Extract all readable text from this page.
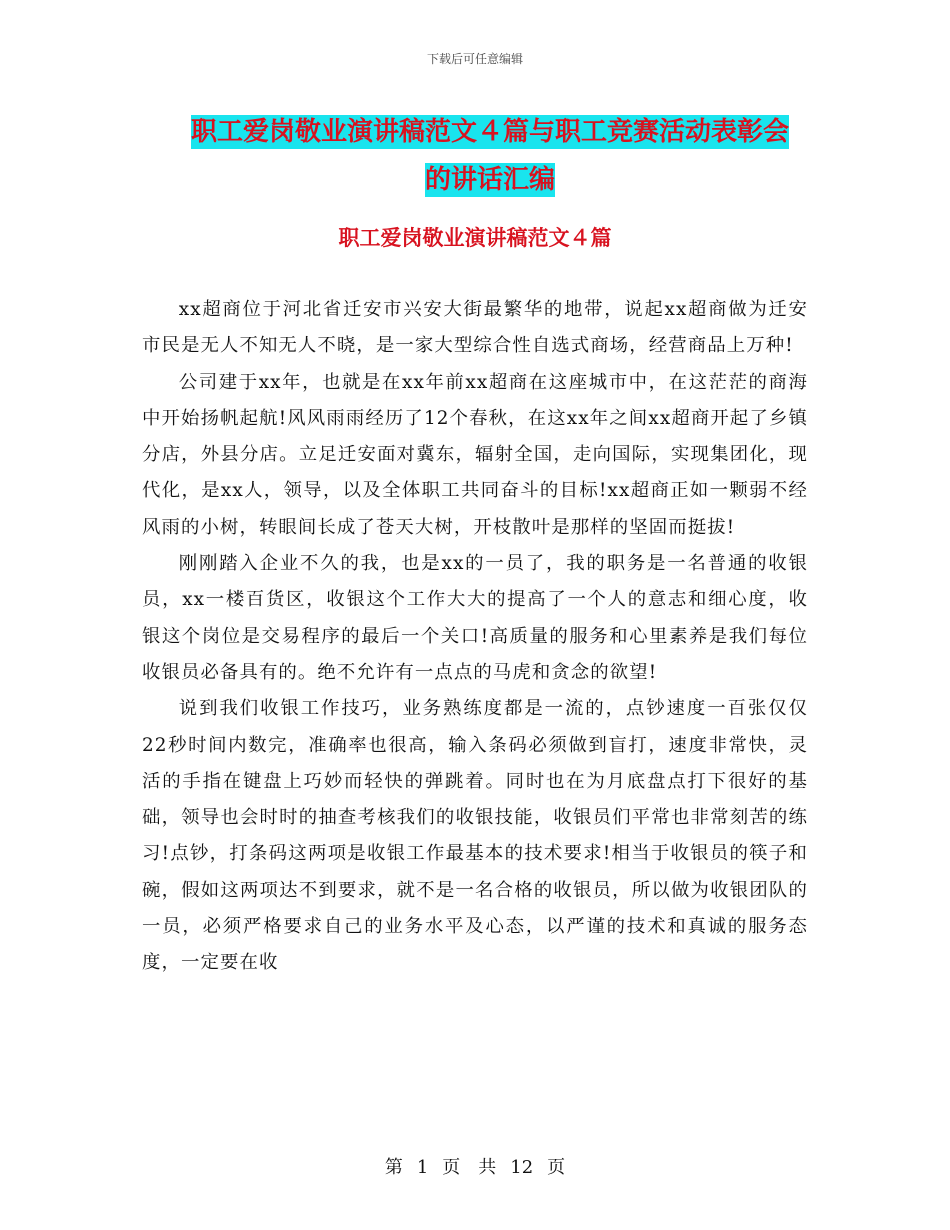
下载后可任意编辑
职工爱岗敬业演讲稿范文４篇与职工竞赛活动表彰会
的讲话汇编
职工爱岗敬业演讲稿范文４篇

xx超商位于河北省迁安市兴安大街最繁华的地带，说起xx超商做为迁安市民是无人不知无人不晓，是一家大型综合性自选式商场，经营商品上万种!

公司建于xx年，也就是在xx年前xx超商在这座城市中，在这茫茫的商海中开始扬帆起航!风风雨雨经历了12个春秋，在这xx年之间xx超商开起了乡镇分店，外县分店。立足迁安面对冀东，辐射全国，走向国际，实现集团化，现代化，是xx人，领导，以及全体职工共同奋斗的目标!xx超商正如一颗弱不经风雨的小树，转眼间长成了苍天大树，开枝散叶是那样的坚固而挺拔!

刚刚踏入企业不久的我，也是xx的一员了，我的职务是一名普通的收银员，xx一楼百货区，收银这个工作大大的提高了一个人的意志和细心度，收银这个岗位是交易程序的最后一个关口!高质量的服务和心里素养是我们每位收银员必备具有的。绝不允许有一点点的马虎和贪念的欲望!

说到我们收银工作技巧，业务熟练度都是一流的，点钞速度一百张仅仅22秒时间内数完，准确率也很高，输入条码必须做到盲打，速度非常快，灵活的手指在键盘上巧妙而轻快的弹跳着。同时也在为月底盘点打下很好的基础，领导也会时时的抽查考核我们的收银技能，收银员们平常也非常刻苦的练习!点钞，打条码这两项是收银工作最基本的技术要求!相当于收银员的筷子和碗，假如这两项达不到要求，就不是一名合格的收银员，所以做为收银团队的一员，必须严格要求自己的业务水平及心态，以严谨的技术和真诚的服务态度，一定要在收

第 1 页　共 12 页
